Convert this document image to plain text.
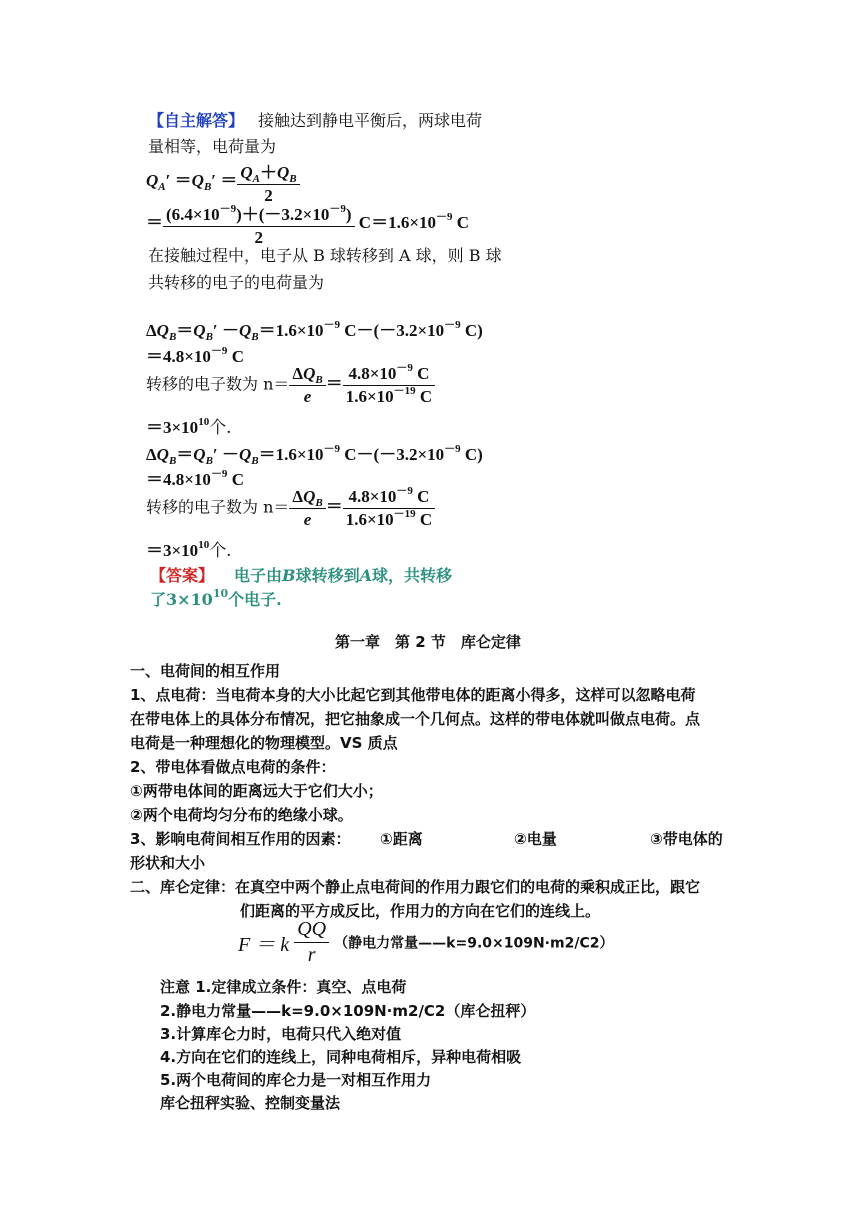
【自主解答】 接触达到静电平衡后，两球电荷
量相等，电荷量为
$Q_A' =Q_B' = \frac{Q_A+Q_B}{2}$
＝ $\frac{(6.4\times 10^{-9})+(-3.2\times 10^{-9})}{2} C=1.6\times 10^{-9}$ C
在接触过程中，电子从 B 球转移到 A 球，则 B 球
共转移的电子的电荷量为
$\Delta Q_B=Q_B' -Q_B=1.6\times 10^{-9}$ $C-(-3.2\times 10^{-9}$ C)
$=4.8\times 10^{-9}$ C
转移的电子数为 $n= \frac{\Delta Q_B}{e} = \frac{4.8\times 10^{-9} C}{1.6\times 10^{-19} C}$
$=3\times 10^{10}$个.
$\Delta Q_B=Q_B' -Q_B=1.6\times 10^{-9}$ $C-(-3.2\times 10^{-9}$ C)
$=4.8\times 10^{-9}$ C
转移的电子数为 $n= \frac{\Delta Q_B}{e} = \frac{4.8\times 10^{-9} C}{1.6\times 10^{-19} C}$
$=3\times 10^{10}$个.
【答案】 电子由B球转移到A球，共转移
了$3\times 10^{10}$个电子.
第一章　第 2 节　库仑定律
一、电荷间的相互作用
1、点电荷：当电荷本身的大小比起它到其他带电体的距离小得多，这样可以忽略电荷
在带电体上的具体分布情况，把它抽象成一个几何点。这样的带电体就叫做点电荷。点
电荷是一种理想化的物理模型。VS 质点
2、带电体看做点电荷的条件：
①两带电体间的距离远大于它们大小；
②两个电荷均匀分布的绝缘小球。
3、影响电荷间相互作用的因素： ①距离	②电量	③带电体的
形状和大小
二、库仑定律：在真空中两个静止点电荷间的作用力跟它们的电荷的乘积成正比，跟它
们距离的平方成反比，作用力的方向在它们的连线上。
F ＝ k $\frac{QQ}{r}$ （静电力常量——k=9.0×109N·m2/C2）
注意 1.定律成立条件：真空、点电荷
2.静电力常量——k=9.0×109N·m2/C2（库仑扭秤）
3.计算库仑力时，电荷只代入绝对值
4.方向在它们的连线上，同种电荷相斥，异种电荷相吸
5.两个电荷间的库仑力是一对相互作用力
库仑扭秤实验、控制变量法
